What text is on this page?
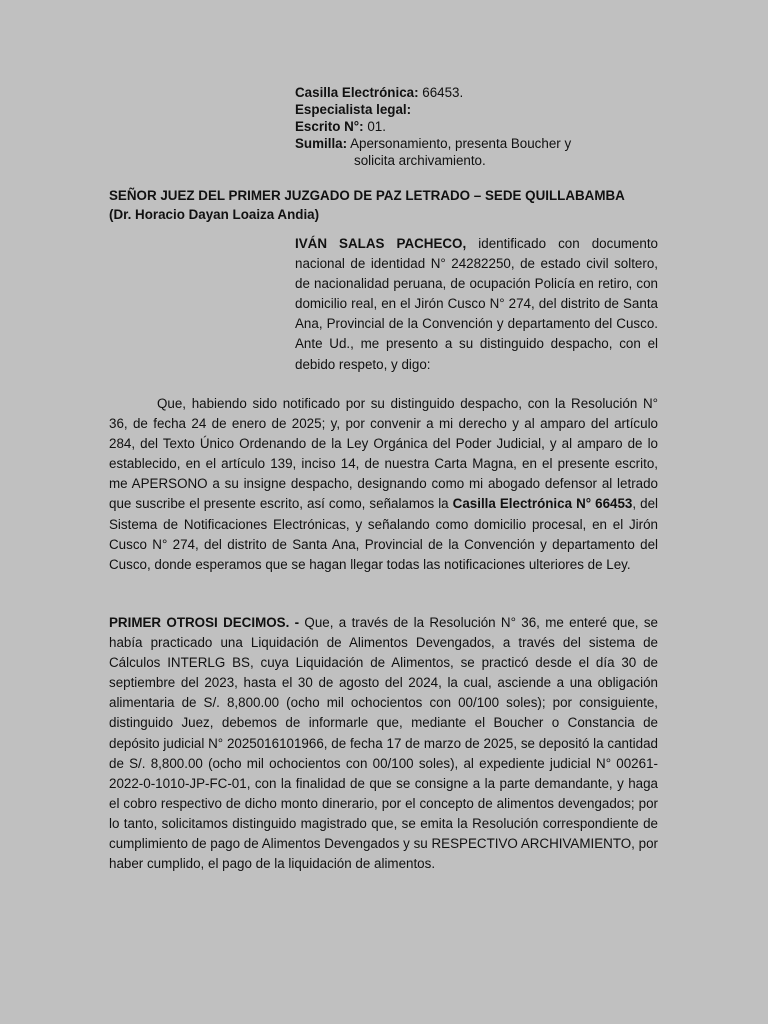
Casilla Electrónica: 66453.
Especialista legal:
Escrito N°: 01.
Sumilla: Apersonamiento, presenta Boucher y
solicita archivamiento.
SEÑOR JUEZ DEL PRIMER JUZGADO DE PAZ LETRADO – SEDE QUILLABAMBA
(Dr. Horacio Dayan Loaiza Andia)
IVÁN SALAS PACHECO, identificado con documento nacional de identidad N° 24282250, de estado civil soltero, de nacionalidad peruana, de ocupación Policía en retiro, con domicilio real, en el Jirón Cusco N° 274, del distrito de Santa Ana, Provincial de la Convención y departamento del Cusco. Ante Ud., me presento a su distinguido despacho, con el debido respeto, y digo:
Que, habiendo sido notificado por su distinguido despacho, con la Resolución N° 36, de fecha 24 de enero de 2025; y, por convenir a mi derecho y al amparo del artículo 284, del Texto Único Ordenando de la Ley Orgánica del Poder Judicial, y al amparo de lo establecido, en el artículo 139, inciso 14, de nuestra Carta Magna, en el presente escrito, me APERSONO a su insigne despacho, designando como mi abogado defensor al letrado que suscribe el presente escrito, así como, señalamos la Casilla Electrónica N° 66453, del Sistema de Notificaciones Electrónicas, y señalando como domicilio procesal, en el Jirón Cusco N° 274, del distrito de Santa Ana, Provincial de la Convención y departamento del Cusco, donde esperamos que se hagan llegar todas las notificaciones ulteriores de Ley.
PRIMER OTROSI DECIMOS. - Que, a través de la Resolución N° 36, me enteré que, se había practicado una Liquidación de Alimentos Devengados, a través del sistema de Cálculos INTERLG BS, cuya Liquidación de Alimentos, se practicó desde el día 30 de septiembre del 2023, hasta el 30 de agosto del 2024, la cual, asciende a una obligación alimentaria de S/. 8,800.00 (ocho mil ochocientos con 00/100 soles); por consiguiente, distinguido Juez, debemos de informarle que, mediante el Boucher o Constancia de depósito judicial N° 2025016101966, de fecha 17 de marzo de 2025, se depositó la cantidad de S/. 8,800.00 (ocho mil ochocientos con 00/100 soles), al expediente judicial N° 00261-2022-0-1010-JP-FC-01, con la finalidad de que se consigne a la parte demandante, y haga el cobro respectivo de dicho monto dinerario, por el concepto de alimentos devengados; por lo tanto, solicitamos distinguido magistrado que, se emita la Resolución correspondiente de cumplimiento de pago de Alimentos Devengados y su RESPECTIVO ARCHIVAMIENTO, por haber cumplido, el pago de la liquidación de alimentos.
